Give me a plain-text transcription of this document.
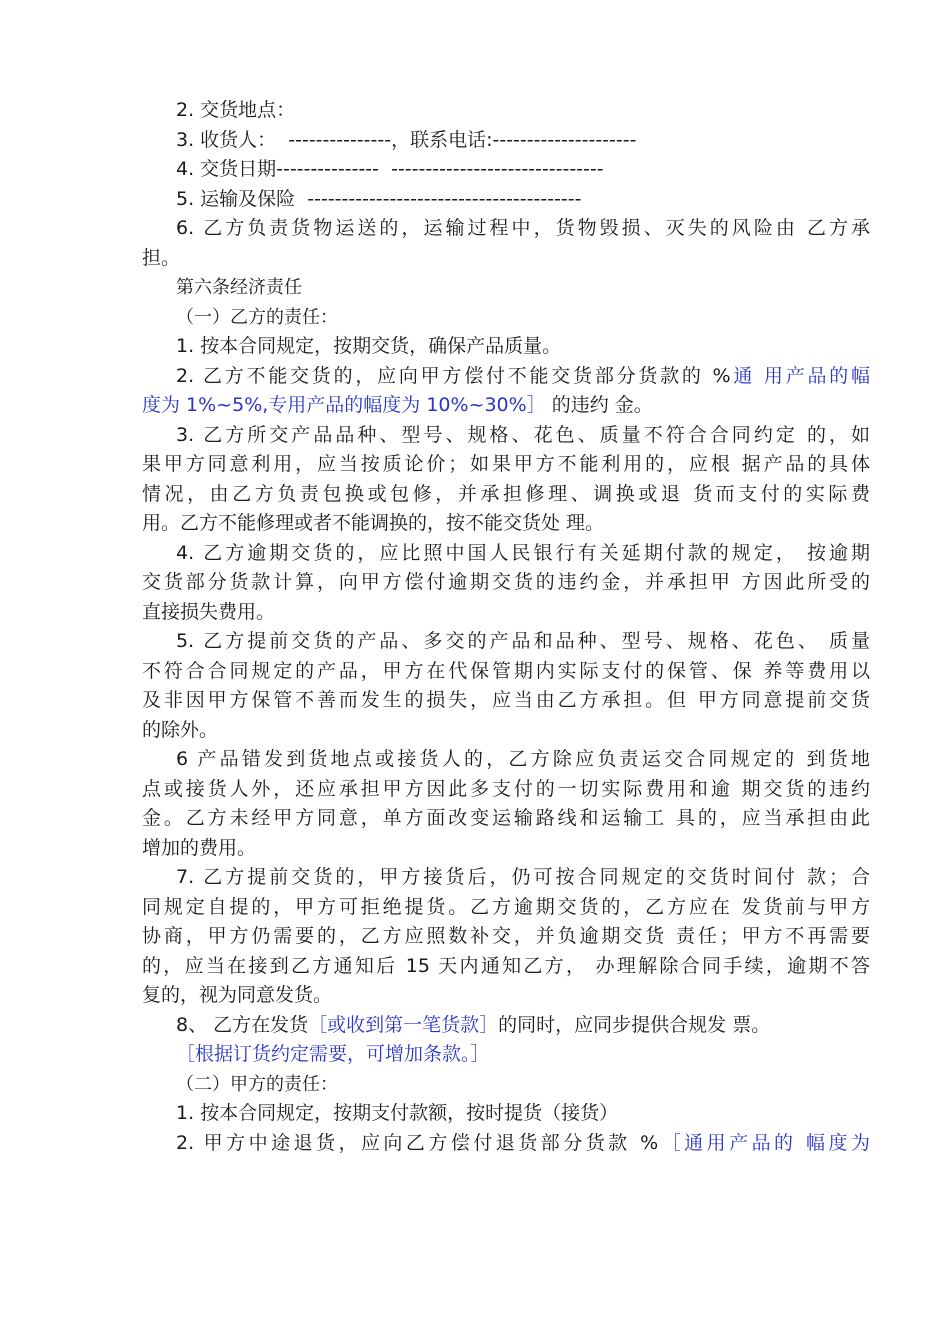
2. 交货地点：
3. 收货人：  ---------------，联系电话:---------------------
4. 交货日期---------------  -------------------------------
5. 运输及保险  ----------------------------------------
6. 乙方负责货物运送的，运输过程中，货物毁损、灭失的风险由 乙方承
担。
第六条经济责任
（一）乙方的责任：
1. 按本合同规定，按期交货，确保产品质量。
2. 乙方不能交货的，应向甲方偿付不能交货部分货款的 %通 用产品的幅
度为 1%~5%,专用产品的幅度为 10%~30%］ 的违约 金。
3. 乙方所交产品品种、型号、规格、花色、质量不符合合同约定 的，如
果甲方同意利用，应当按质论价；如果甲方不能利用的，应根 据产品的具体
情况，由乙方负责包换或包修，并承担修理、调换或退 货而支付的实际费
用。乙方不能修理或者不能调换的，按不能交货处 理。
4. 乙方逾期交货的，应比照中国人民银行有关延期付款的规定， 按逾期
交货部分货款计算，向甲方偿付逾期交货的违约金，并承担甲 方因此所受的
直接损失费用。
5. 乙方提前交货的产品、多交的产品和品种、型号、规格、花色、 质量
不符合合同规定的产品，甲方在代保管期内实际支付的保管、保 养等费用以
及非因甲方保管不善而发生的损失，应当由乙方承担。但 甲方同意提前交货
的除外。
6 产品错发到货地点或接货人的，乙方除应负责运交合同规定的 到货地
点或接货人外，还应承担甲方因此多支付的一切实际费用和逾 期交货的违约
金。乙方未经甲方同意，单方面改变运输路线和运输工 具的，应当承担由此
增加的费用。
7. 乙方提前交货的，甲方接货后，仍可按合同规定的交货时间付 款；合
同规定自提的，甲方可拒绝提货。乙方逾期交货的，乙方应在 发货前与甲方
协商，甲方仍需要的，乙方应照数补交，并负逾期交货 责任；甲方不再需要
的，应当在接到乙方通知后 15 天内通知乙方， 办理解除合同手续，逾期不答
复的，视为同意发货。
8、 乙方在发货［或收到第一笔货款］的同时，应同步提供合规发 票。
［根据订货约定需要，可增加条款。］
（二）甲方的责任：
1. 按本合同规定，按期支付款额，按时提货（接货）
2. 甲方中途退货，应向乙方偿付退货部分货款 %［通用产品的 幅度为
